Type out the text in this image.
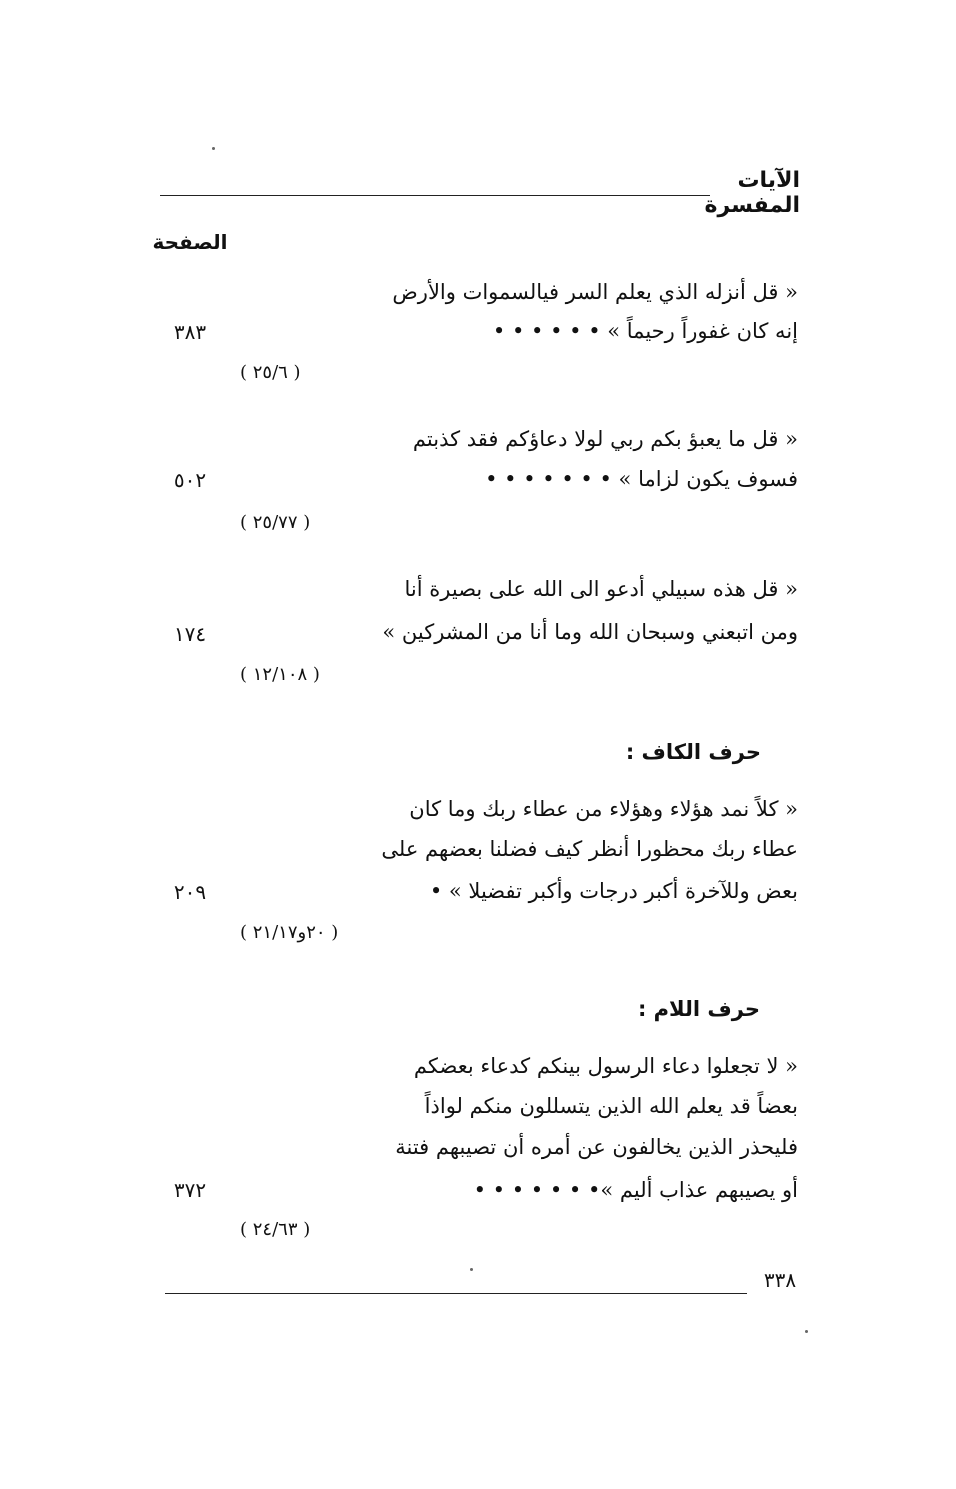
الآيات المفسرة
الصفحة
« قل أنزله الذي يعلم السر فيالسموات والأرض
إنه كان غفوراً رحيماً » • • • • • •
٣٨٣
( ٢٥/٦ )
« قل ما يعبؤ بكم ربي لولا دعاؤكم فقد كذبتم
فسوف يكون لزاما » • • • • • • •
٥٠٢
( ٢٥/٧٧ )
« قل هذه سبيلي أدعو الى الله على بصيرة أنا
ومن اتبعني وسبحان الله وما أنا من المشركين »
١٧٤
( ١٢/١٠٨ )
حرف الكاف :
« كلاً نمد هؤلاء وهؤلاء من عطاء ربك وما كان
عطاء ربك محظورا أنظر كيف فضلنا بعضهم على
بعض وللآخرة أكبر درجات وأكبر تفضيلا » •
٢٠٩
( ٢٠و٢١/١٧ )
حرف اللام :
« لا تجعلوا دعاء الرسول بينكم كدعاء بعضكم
بعضاً قد يعلم الله الذين يتسللون منكم لواذاً
فليحذر الذين يخالفون عن أمره أن تصيبهم فتنة
أو يصيبهم عذاب أليم »• • • • • • •
٣٧٢
( ٢٤/٦٣ )
٣٣٨
